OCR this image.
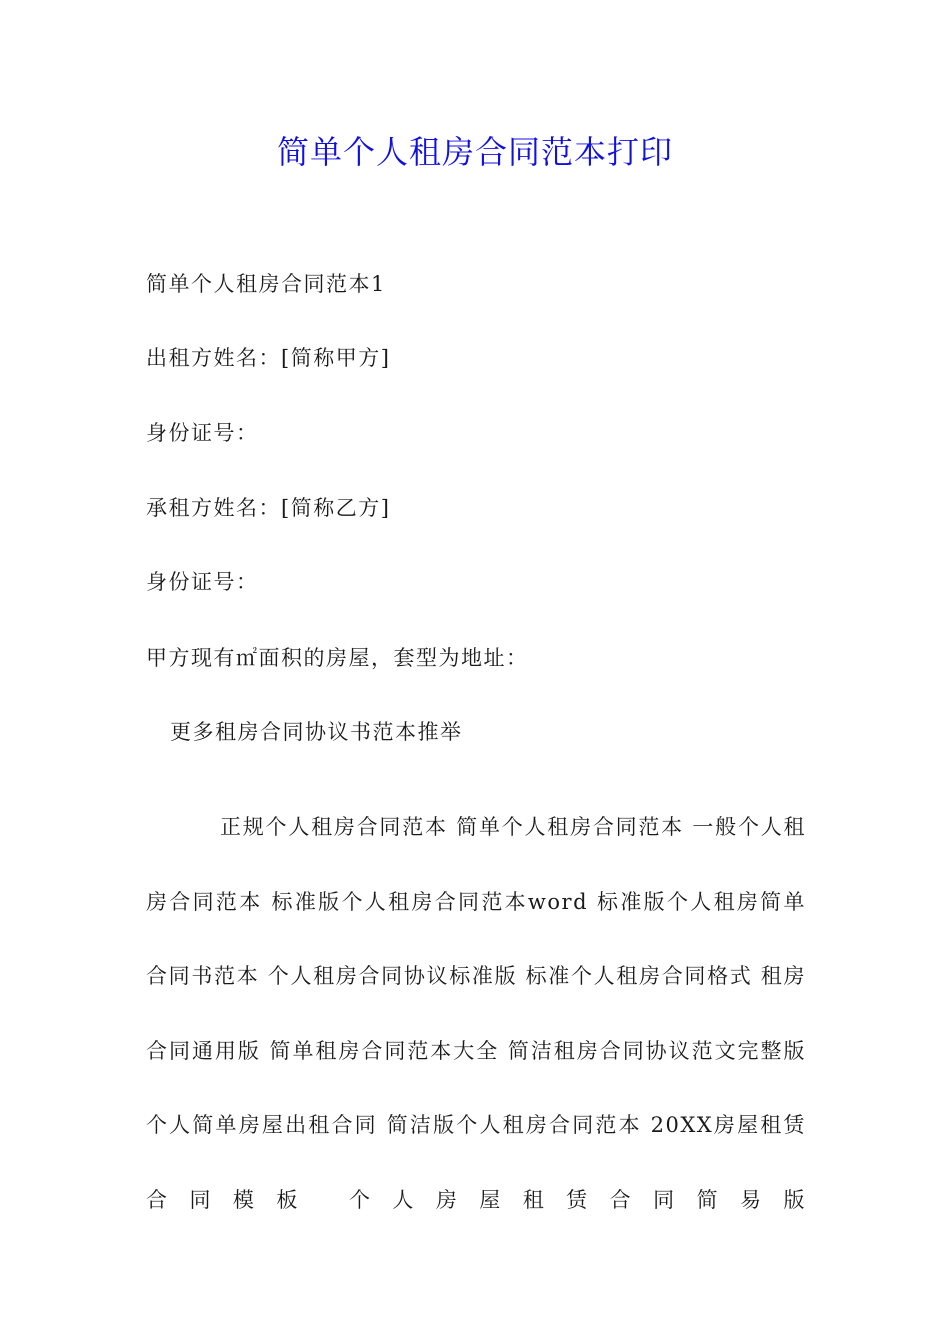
简单个人租房合同范本打印
简单个人租房合同范本1
出租方姓名：[简称甲方]
身份证号：
承租方姓名：[简称乙方]
身份证号：
甲方现有㎡面积的房屋，套型为地址：
更多租房合同协议书范本推举

正规个人租房合同范本 简单个人租房合同范本 一般个人租房合同范本 标准版个人租房合同范本word 标准版个人租房简单合同书范本 个人租房合同协议标准版 标准个人租房合同格式 租房合同通用版 简单租房合同范本大全 简洁租房合同协议范文完整版 个人简单房屋出租合同 简洁版个人租房合同范本 20XX房屋租赁合同模板 个人房屋租赁合同简易版
